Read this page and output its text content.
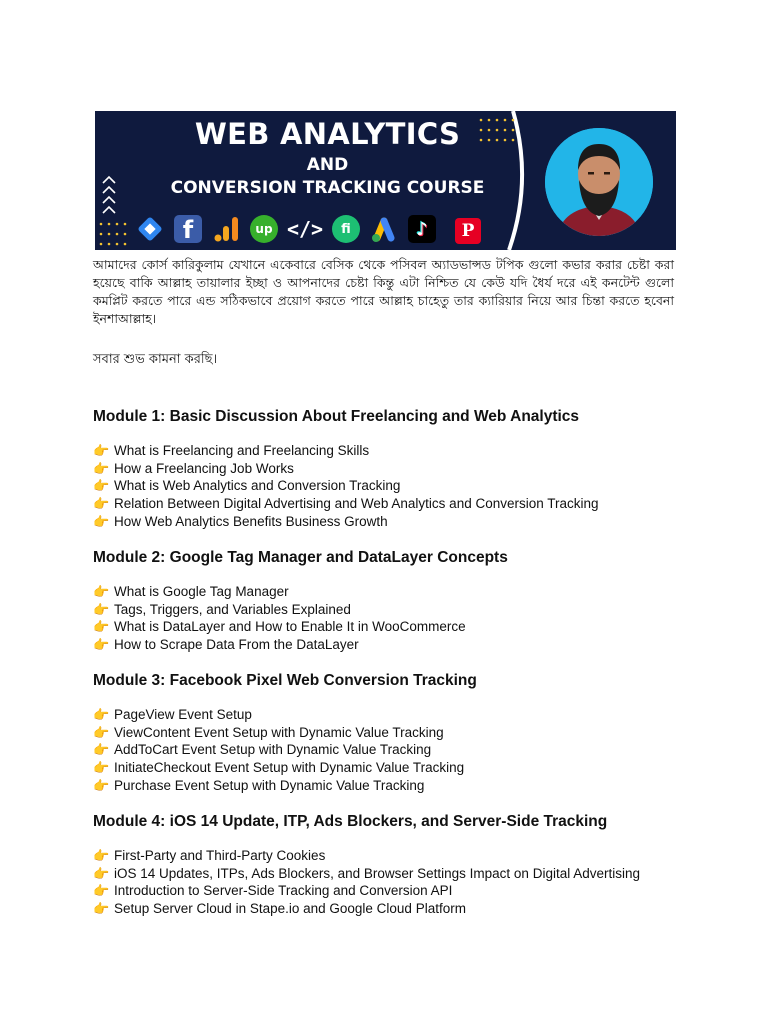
WEB ANALYTICS
AND
CONVERSION TRACKING COURSE
f	up </>	fi	♪	P
আমাদের কোর্স কারিকুলাম যেখানে একেবারে বেসিক থেকে পসিবল অ্যাডভান্সড টপিক গুলো কভার করার চেষ্টা করা হয়েছে বাকি আল্লাহ তায়ালার ইচ্ছা ও আপনাদের চেষ্টা কিন্তু এটা নিশ্চিত যে কেউ যদি ধৈর্য দরে এই কনটেন্ট গুলো কমপ্লিট করতে পারে এন্ড সঠিকভাবে প্রয়োগ করতে পারে আল্লাহ চাহেতু তার ক্যারিয়ার নিয়ে আর চিন্তা করতে হবেনা ইনশাআল্লাহ।
সবার শুভ কামনা করছি।
Module 1: Basic Discussion About Freelancing and Web Analytics
👉 What is Freelancing and Freelancing Skills
👉 How a Freelancing Job Works
👉 What is Web Analytics and Conversion Tracking
👉 Relation Between Digital Advertising and Web Analytics and Conversion Tracking
👉 How Web Analytics Benefits Business Growth
Module 2: Google Tag Manager and DataLayer Concepts
👉 What is Google Tag Manager
👉 Tags, Triggers, and Variables Explained
👉 What is DataLayer and How to Enable It in WooCommerce
👉 How to Scrape Data From the DataLayer
Module 3: Facebook Pixel Web Conversion Tracking
👉 PageView Event Setup
👉 ViewContent Event Setup with Dynamic Value Tracking
👉 AddToCart Event Setup with Dynamic Value Tracking
👉 InitiateCheckout Event Setup with Dynamic Value Tracking
👉 Purchase Event Setup with Dynamic Value Tracking
Module 4: iOS 14 Update, ITP, Ads Blockers, and Server-Side Tracking
👉 First-Party and Third-Party Cookies
👉 iOS 14 Updates, ITPs, Ads Blockers, and Browser Settings Impact on Digital Advertising
👉 Introduction to Server-Side Tracking and Conversion API
👉 Setup Server Cloud in Stape.io and Google Cloud Platform
